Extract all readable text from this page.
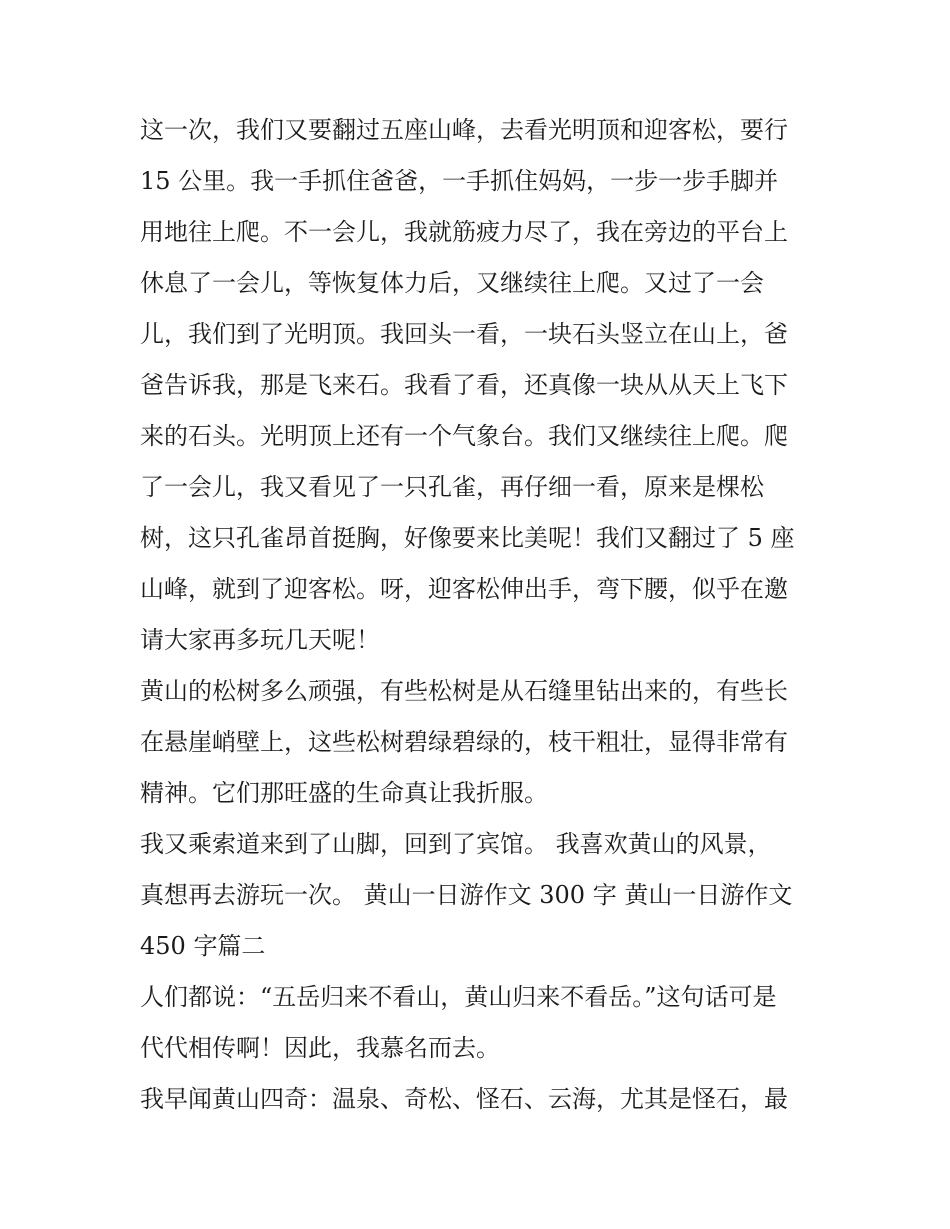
这一次，我们又要翻过五座山峰，去看光明顶和迎客松，要行
15 公里。我一手抓住爸爸，一手抓住妈妈，一步一步手脚并
用地往上爬。不一会儿，我就筋疲力尽了，我在旁边的平台上
休息了一会儿，等恢复体力后，又继续往上爬。又过了一会
儿，我们到了光明顶。我回头一看，一块石头竖立在山上，爸
爸告诉我，那是飞来石。我看了看，还真像一块从从天上飞下
来的石头。光明顶上还有一个气象台。我们又继续往上爬。爬
了一会儿，我又看见了一只孔雀，再仔细一看，原来是棵松
树，这只孔雀昂首挺胸，好像要来比美呢！我们又翻过了 5 座
山峰，就到了迎客松。呀，迎客松伸出手，弯下腰，似乎在邀
请大家再多玩几天呢！

黄山的松树多么顽强，有些松树是从石缝里钻出来的，有些长
在悬崖峭壁上，这些松树碧绿碧绿的，枝干粗壮，显得非常有
精神。它们那旺盛的生命真让我折服。

我又乘索道来到了山脚，回到了宾馆。 我喜欢黄山的风景，
真想再去游玩一次。 黄山一日游作文 300 字 黄山一日游作文
450 字篇二

人们都说：“五岳归来不看山，黄山归来不看岳。”这句话可是
代代相传啊！因此，我慕名而去。

我早闻黄山四奇：温泉、奇松、怪石、云海，尤其是怪石，最
